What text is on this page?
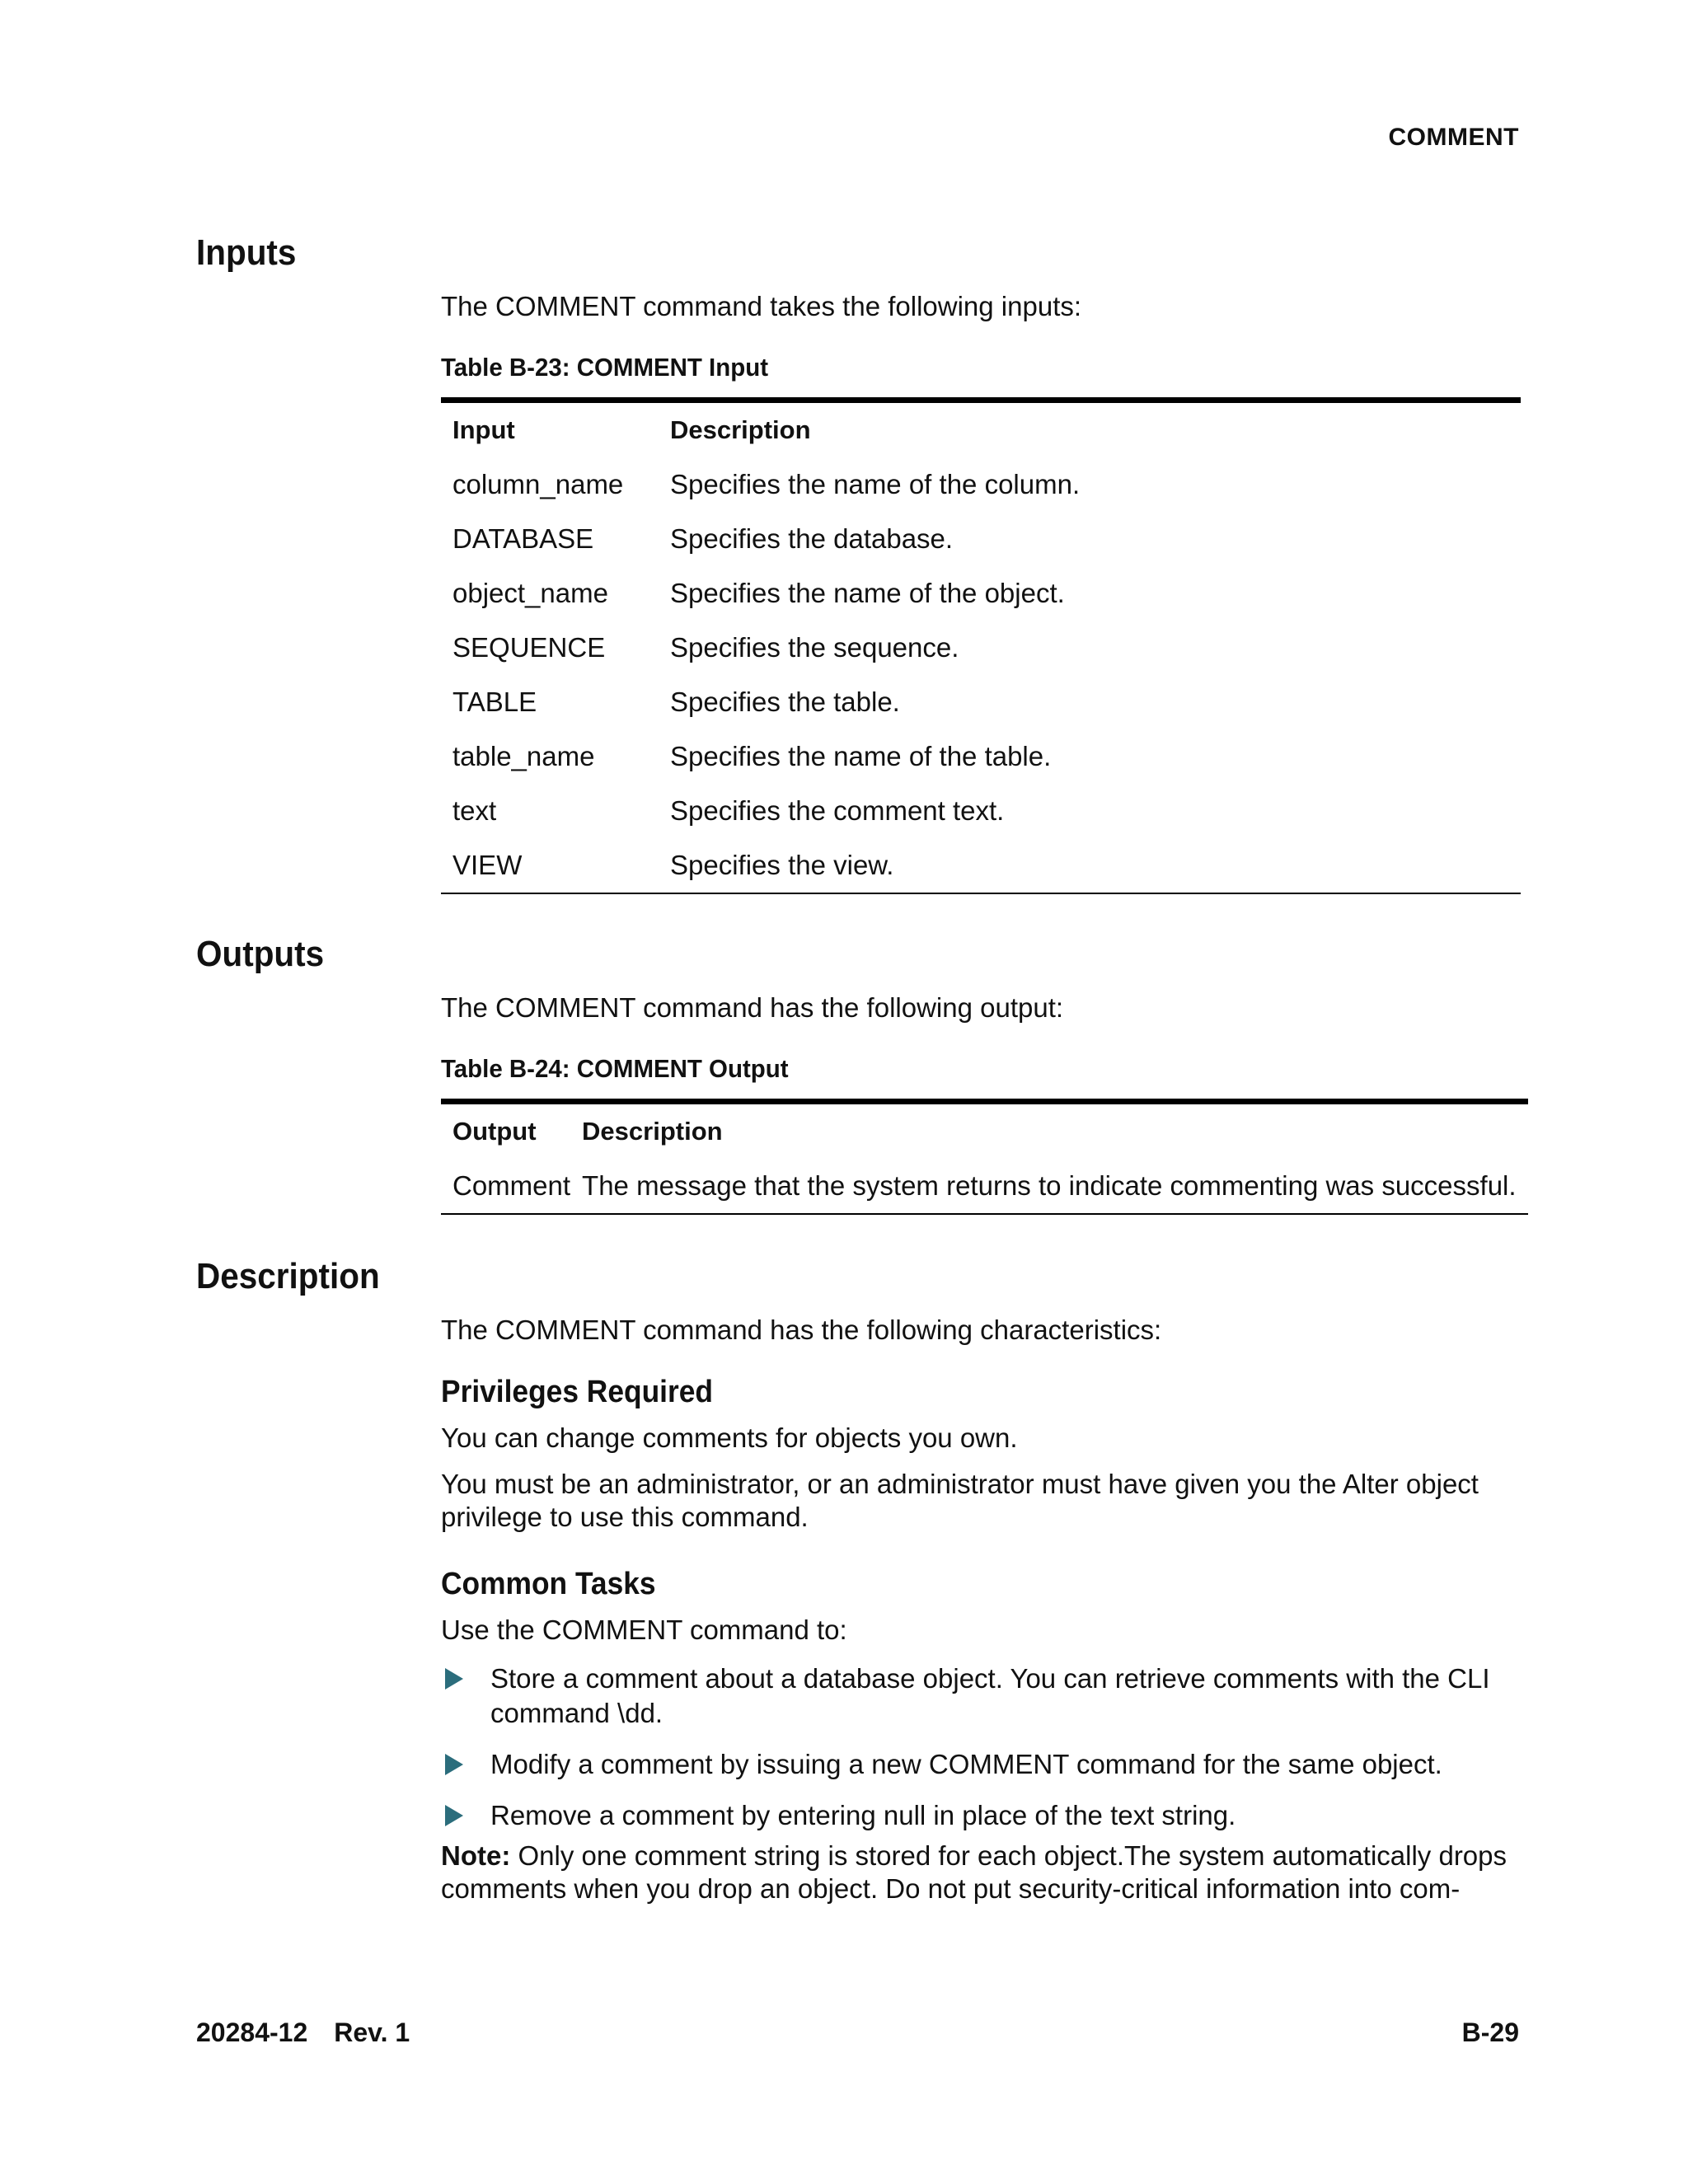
COMMENT
Inputs

The COMMENT command takes the following inputs:

Table B-23: COMMENT Input

Input	Description
column_name	Specifies the name of the column.
DATABASE	Specifies the database.
object_name	Specifies the name of the object.
SEQUENCE	Specifies the sequence.
TABLE	Specifies the table.
table_name	Specifies the name of the table.
text	Specifies the comment text.
VIEW	Specifies the view.
Outputs

The COMMENT command has the following output:

Table B-24: COMMENT Output

Output	Description
Comment	The message that the system returns to indicate commenting was successful.
Description

The COMMENT command has the following characteristics:

Privileges Required

You can change comments for objects you own.

You must be an administrator, or an administrator must have given you the Alter object privilege to use this command.

Common Tasks

Use the COMMENT command to:

Store a comment about a database object. You can retrieve comments with the CLI command \dd.
Modify a comment by issuing a new COMMENT command for the same object.
Remove a comment by entering null in place of the text string.

Note: Only one comment string is stored for each object.The system automatically drops comments when you drop an object. Do not put security-critical information into com-

20284-12 Rev. 1	B-29
